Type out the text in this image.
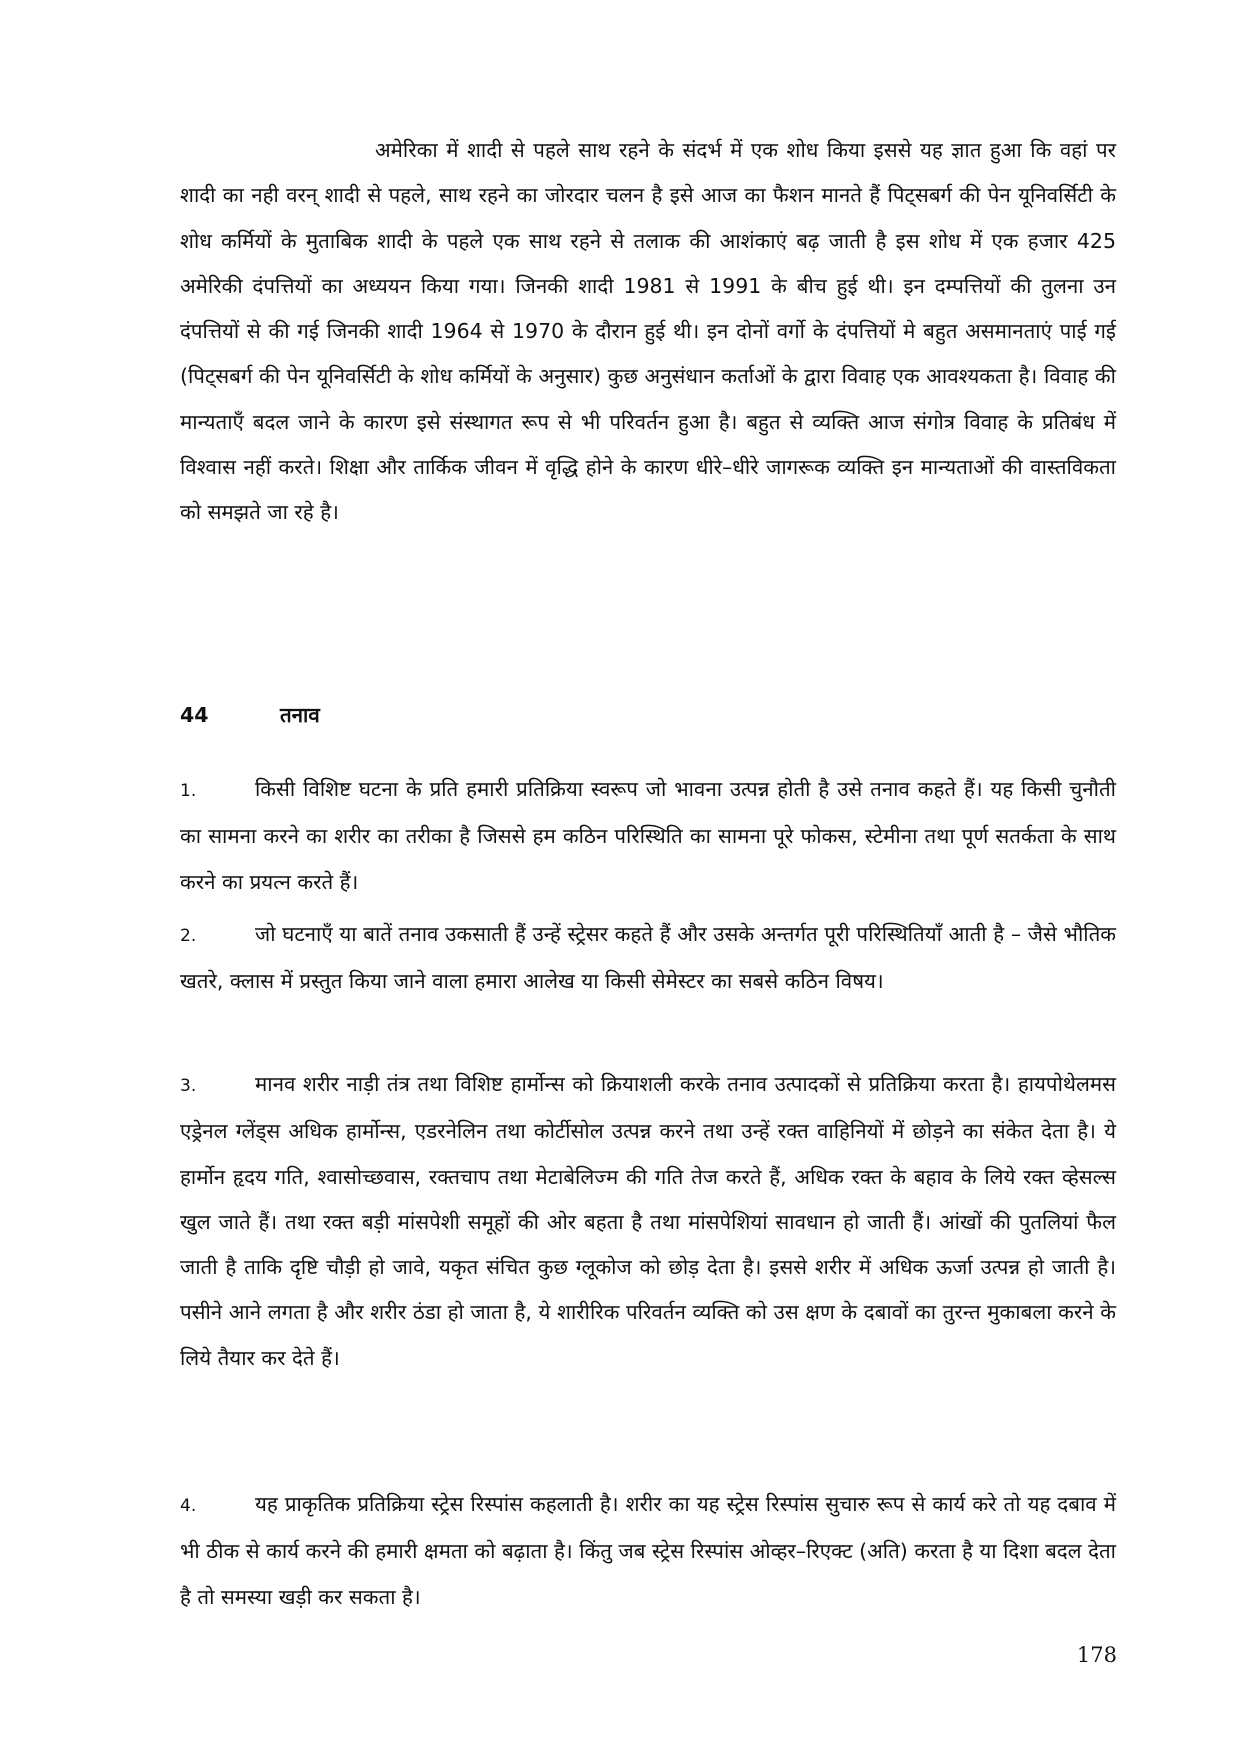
अमेरिका में शादी से पहले साथ रहने के संदर्भ में एक शोध किया इससे यह ज्ञात हुआ कि वहां पर शादी का नही वरन् शादी से पहले, साथ रहने का जोरदार चलन है इसे आज का फैशन मानते हैं पिट्सबर्ग की पेन यूनिवर्सिटी के शोध कर्मियों के मुताबिक शादी के पहले एक साथ रहने से तलाक की आशंकाएं बढ़ जाती है इस शोध में एक हजार 425 अमेरिकी दंपत्तियों का अध्ययन किया गया। जिनकी शादी 1981 से 1991 के बीच हुई थी। इन दम्पत्तियों की तुलना उन दंपत्तियों से की गई जिनकी शादी 1964 से 1970 के दौरान हुई थी। इन दोनों वर्गो के दंपत्तियों मे बहुत असमानताएं पाई गई (पिट्सबर्ग की पेन यूनिवर्सिटी के शोध कर्मियों के अनुसार) कुछ अनुसंधान कर्ताओं के द्वारा विवाह एक आवश्यकता है। विवाह की मान्यताएँ बदल जाने के कारण इसे संस्थागत रूप से भी परिवर्तन हुआ है। बहुत से व्यक्ति आज संगोत्र विवाह के प्रतिबंध में विश्वास नहीं करते। शिक्षा और तार्किक जीवन में वृद्धि होने के कारण धीरे–धीरे जागरूक व्यक्ति इन मान्यताओं की वास्तविकता को समझते जा रहे है।

44	तनाव

1.	किसी विशिष्ट घटना के प्रति हमारी प्रतिक्रिया स्वरूप जो भावना उत्पन्न होती है उसे तनाव कहते हैं। यह किसी चुनौती का सामना करने का शरीर का तरीका है जिससे हम कठिन परिस्थिति का सामना पूरे फोकस, स्टेमीना तथा पूर्ण सतर्कता के साथ करने का प्रयत्न करते हैं।

2.	जो घटनाएँ या बातें तनाव उकसाती हैं उन्हें स्ट्रेसर कहते हैं और उसके अन्तर्गत पूरी परिस्थितियाँ आती है – जैसे भौतिक खतरे, क्लास में प्रस्तुत किया जाने वाला हमारा आलेख या किसी सेमेस्टर का सबसे कठिन विषय।

3.	मानव शरीर नाड़ी तंत्र तथा विशिष्ट हार्मोन्स को क्रियाशली करके तनाव उत्पादकों से प्रतिक्रिया करता है। हायपोथेलमस एड्रेनल ग्लेंड्स अधिक हार्मोन्स, एडरनेलिन तथा कोर्टीसोल उत्पन्न करने तथा उन्हें रक्त वाहिनियों में छोड़ने का संकेत देता है। ये हार्मोन हृदय गति, श्वासोच्छवास, रक्तचाप तथा मेटाबेलिज्म की गति तेज करते हैं, अधिक रक्त के बहाव के लिये रक्त व्हेसल्स खुल जाते हैं। तथा रक्त बड़ी मांसपेशी समूहों की ओर बहता है तथा मांसपेशियां सावधान हो जाती हैं। आंखों की पुतलियां फैल जाती है ताकि दृष्टि चौड़ी हो जावे, यकृत संचित कुछ ग्लूकोज को छोड़ देता है। इससे शरीर में अधिक ऊर्जा उत्पन्न हो जाती है। पसीने आने लगता है और शरीर ठंडा हो जाता है, ये शारीरिक परिवर्तन व्यक्ति को उस क्षण के दबावों का तुरन्त मुकाबला करने के लिये तैयार कर देते हैं।

4.	यह प्राकृतिक प्रतिक्रिया स्ट्रेस रिस्पांस कहलाती है। शरीर का यह स्ट्रेस रिस्पांस सुचारु रूप से कार्य करे तो यह दबाव में भी ठीक से कार्य करने की हमारी क्षमता को बढ़ाता है। किंतु जब स्ट्रेस रिस्पांस ओव्हर–रिएक्ट (अति) करता है या दिशा बदल देता है तो समस्या खड़ी कर सकता है।

178
